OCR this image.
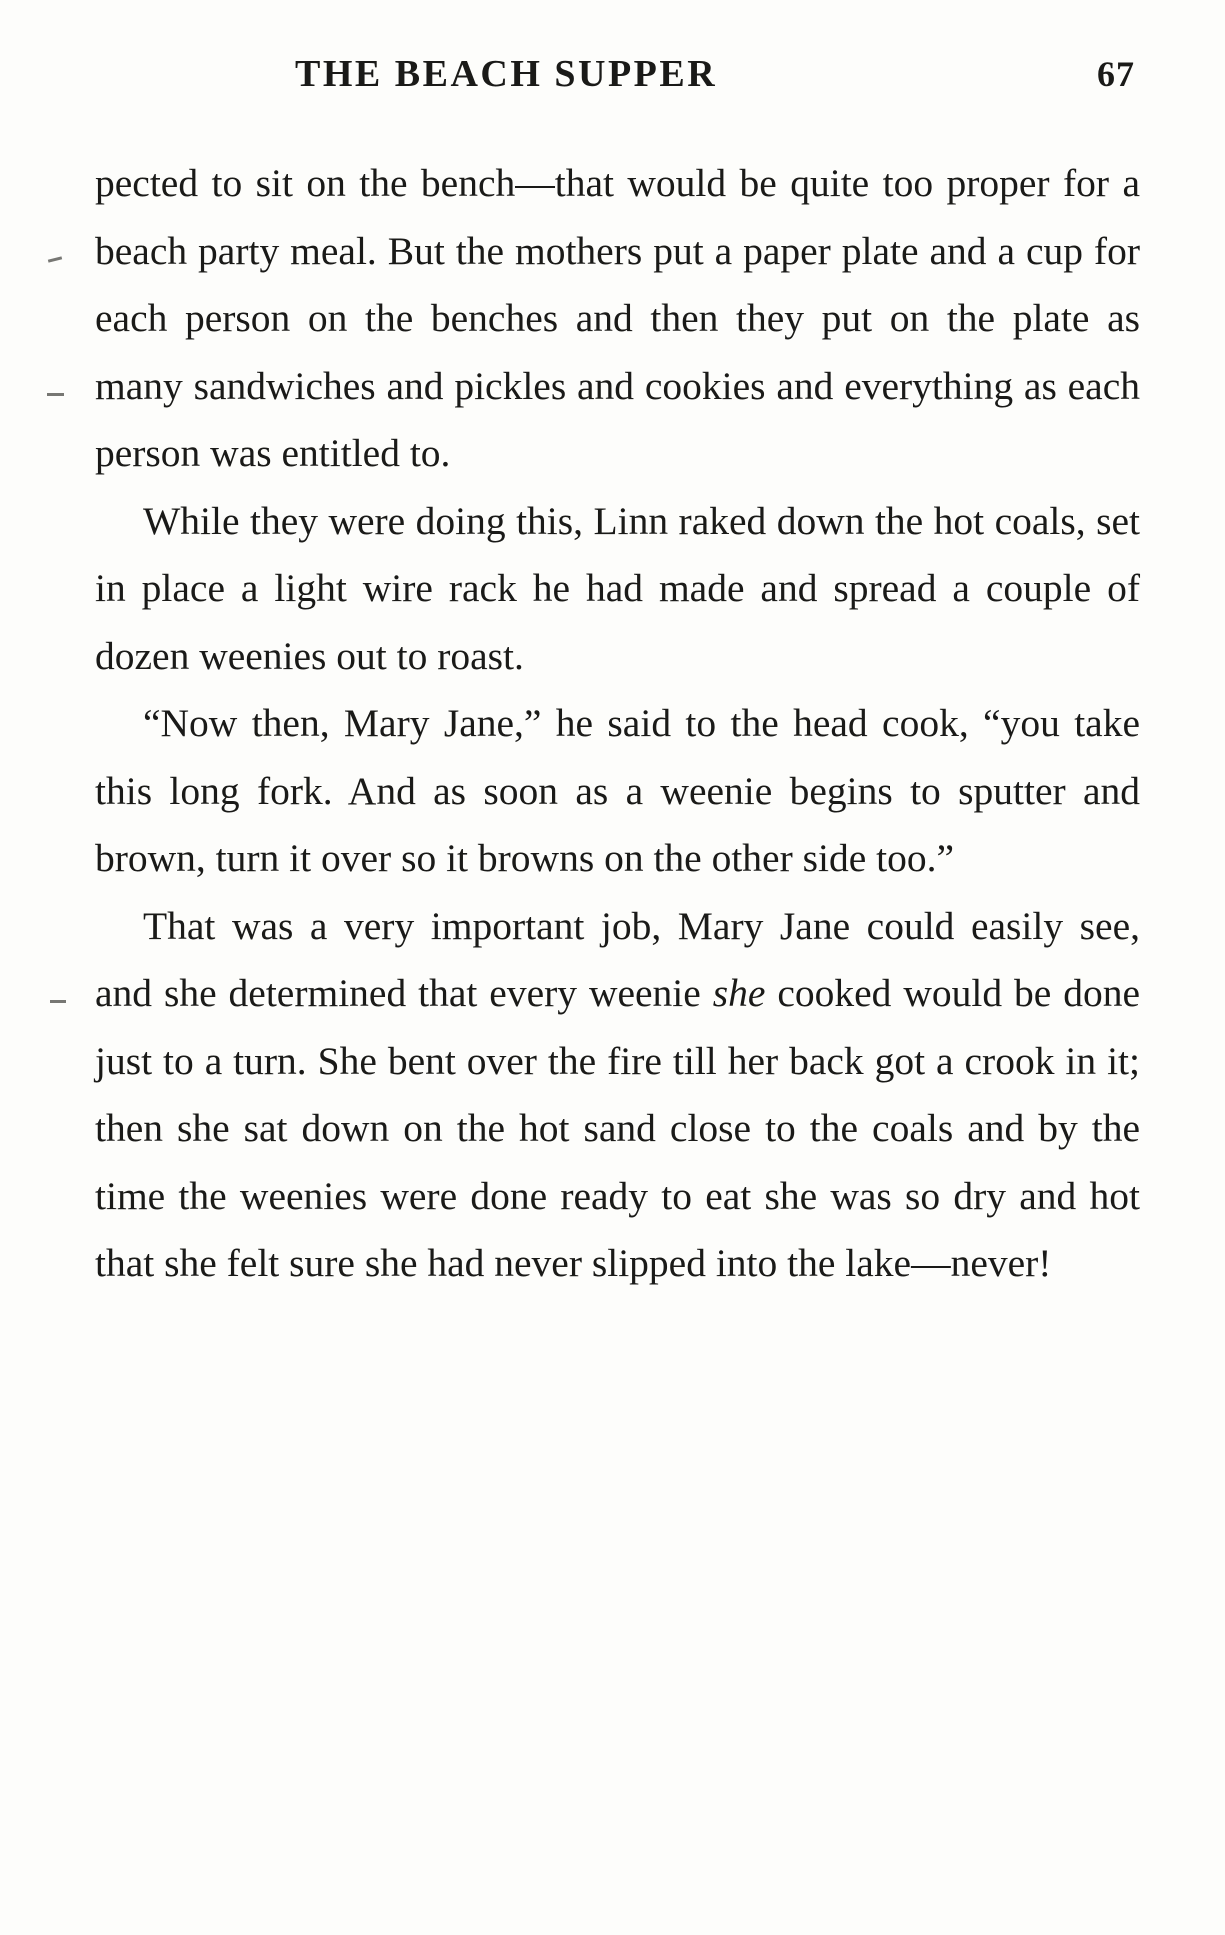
THE BEACH SUPPER	67

pected to sit on the bench—that would be quite too proper for a beach party meal. But the mothers put a paper plate and a cup for each person on the benches and then they put on the plate as many sandwiches and pickles and cookies and everything as each person was entitled to.

While they were doing this, Linn raked down the hot coals, set in place a light wire rack he had made and spread a couple of dozen weenies out to roast.

“Now then, Mary Jane,” he said to the head cook, “you take this long fork. And as soon as a weenie begins to sputter and brown, turn it over so it browns on the other side too.”

That was a very important job, Mary Jane could easily see, and she determined that every weenie she cooked would be done just to a turn. She bent over the fire till her back got a crook in it; then she sat down on the hot sand close to the coals and by the time the weenies were done ready to eat she was so dry and hot that she felt sure she had never slipped into the lake—never!
